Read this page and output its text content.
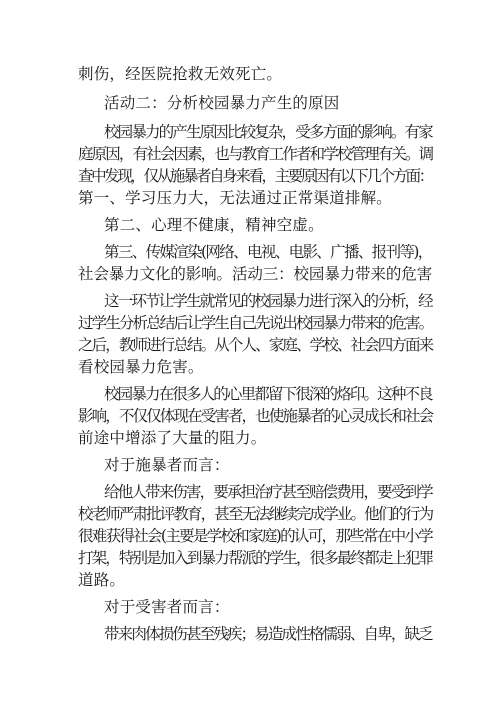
刺伤，经医院抢救无效死亡。
活动二：分析校园暴力产生的原因
校园暴力的产生原因比较复杂，受多方面的影响。有家
庭原因，有社会因素，也与教育工作者和学校管理有关。调
查中发现，仅从施暴者自身来看，主要原因有以下几个方面：
第一、学习压力大，无法通过正常渠道排解。
第二、心理不健康，精神空虚。
第三、传媒渲染(网络、电视、电影、广播、报刊等)，
社会暴力文化的影响。活动三：校园暴力带来的危害
这一环节让学生就常见的校园暴力进行深入的分析，经
过学生分析总结后让学生自己先说出校园暴力带来的危害。
之后，教师进行总结。从个人、家庭、学校、社会四方面来
看校园暴力危害。
校园暴力在很多人的心里都留下很深的烙印。这种不良
影响，不仅仅体现在受害者，也使施暴者的心灵成长和社会
前途中增添了大量的阻力。
对于施暴者而言：
给他人带来伤害，要承担治疗甚至赔偿费用，要受到学
校老师严肃批评教育，甚至无法继续完成学业。他们的行为
很难获得社会(主要是学校和家庭)的认可，那些常在中小学
打架，特别是加入到暴力帮派的学生，很多最终都走上犯罪
道路。
对于受害者而言：
带来肉体损伤甚至残疾；易造成性格懦弱、自卑，缺乏
